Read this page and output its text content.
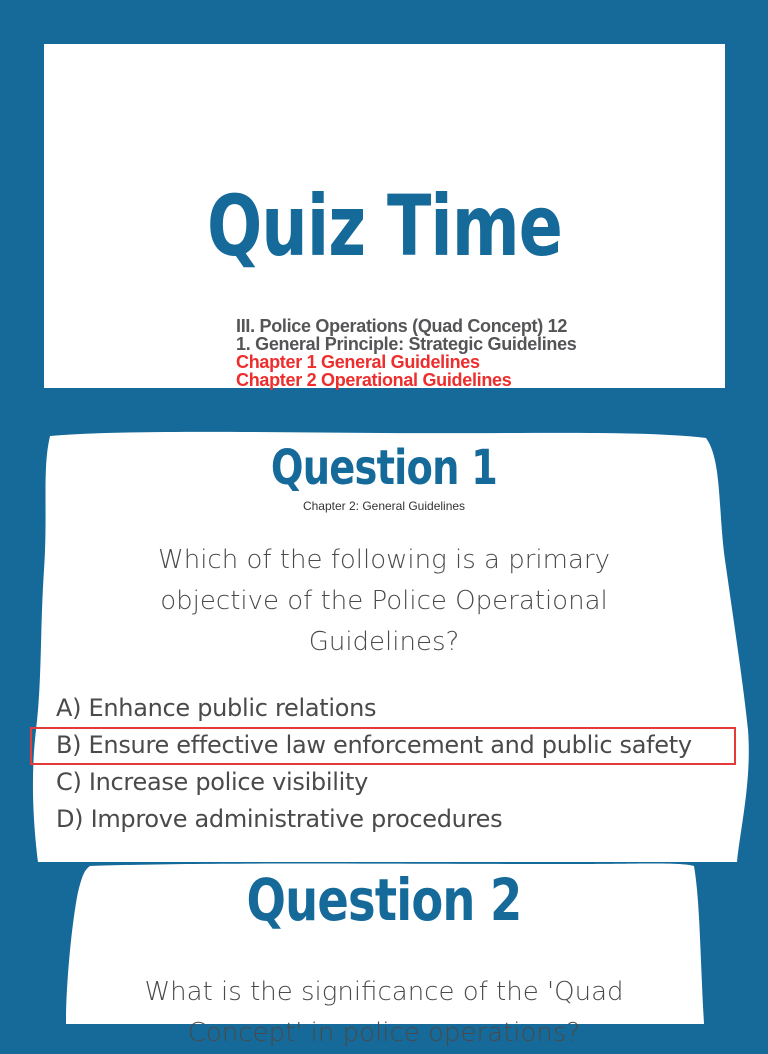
Quiz Time
III. Police Operations (Quad Concept) 12
1. General Principle: Strategic Guidelines
Chapter 1 General Guidelines
Chapter 2 Operational Guidelines
Question 1
Chapter 2: General Guidelines
Which of the following is a primary objective of the Police Operational Guidelines?
A) Enhance public relations
B) Ensure effective law enforcement and public safety
C) Increase police visibility
D) Improve administrative procedures
Question 2
What is the significance of the 'Quad Concept' in police operations?
